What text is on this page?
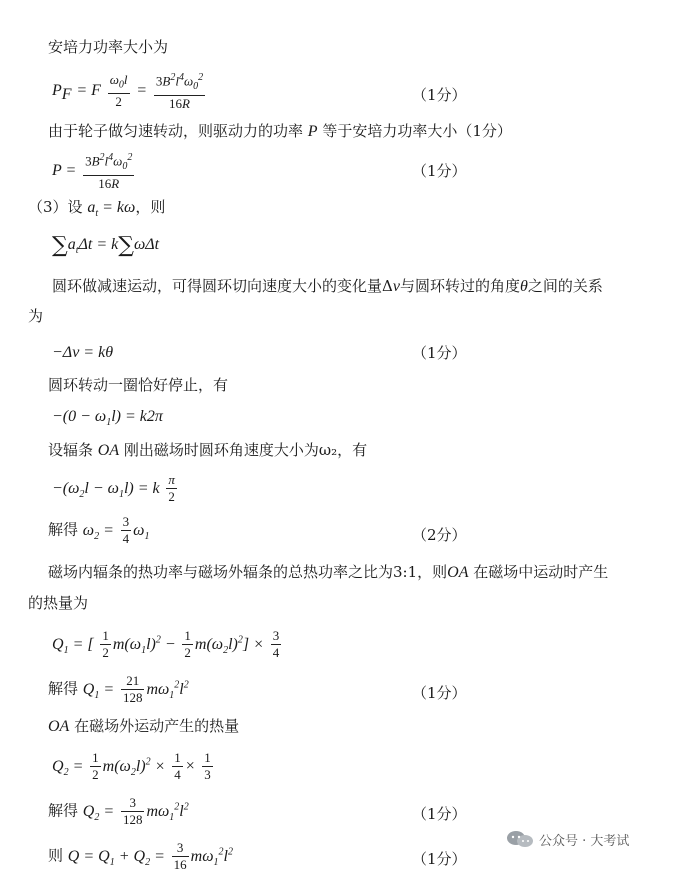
安培力功率大小为
$P_F = F \frac{\omega_0l}{2} = \frac{3B^2l^4\omega_0^2}{16R}$	（1分）
由于轮子做匀速转动，则驱动力的功率 P 等于安培力功率大小（1分）
$P = \frac{3B^2l^4\omega_0^2}{16R}$	（1分）
（3）设 $a_t = k\omega$，则
$\sum a_t\Delta t = k\sum\omega\Delta t$
圆环做减速运动，可得圆环切向速度大小的变化量Δv与圆环转过的角度θ之间的关系
为
−Δv = kθ	（1分）
圆环转动一圈恰好停止，有
$-(0 - \omega_1l) = k2\pi$
设辐条 OA 刚出磁场时圆环角速度大小为ω₂，有
$-(\omega_2l - \omega_1l) = k \frac{\pi}{2}$
解得 $\omega_2 = \frac{3}{4} \omega_1$	（2分）
磁场内辐条的热功率与磁场外辐条的总热功率之比为3:1，则OA 在磁场中运动时产生
的热量为
$Q_1$ = [ $\frac{1}{2} m(\omega_1l)^2 - \frac{1}{2} m(\omega_2l)^2] \times \frac{3}{4}$
解得 $Q_1 = \frac{21}{128} m\omega_1^2l^2$	（1分）
OA 在磁场外运动产生的热量
$Q_2 = \frac{1}{2} m(\omega_2l)^2 \times \frac{1}{4} \times \frac{1}{3}$
解得 $Q_2 = \frac{3}{128} m\omega_1^2l^2$	（1分）
则 $Q = Q_1 + Q_2 = \frac{3}{16} m\omega_1^2l^2$	（1分）
公众号 · 大考试
